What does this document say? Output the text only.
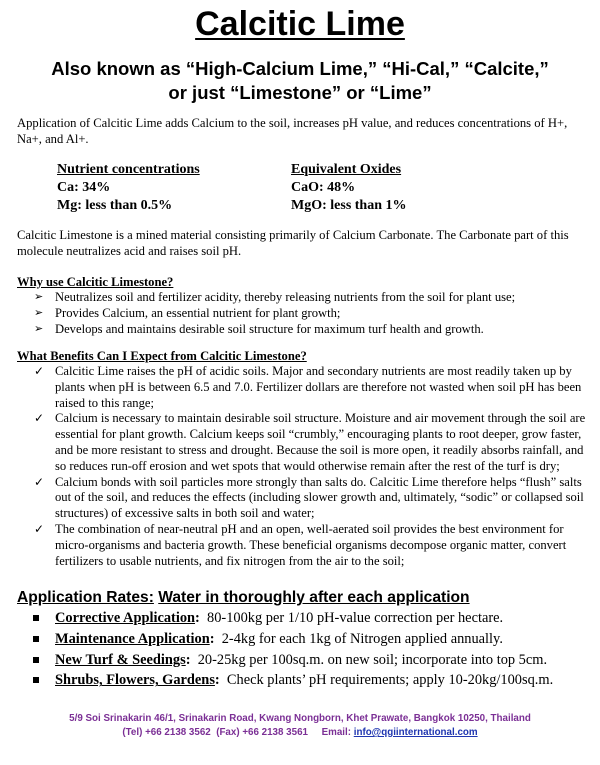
Calcitic Lime
Also known as “High-Calcium Lime,” “Hi-Cal,” “Calcite,”
or just “Limestone” or “Lime”
Application of Calcitic Lime adds Calcium to the soil, increases pH value, and reduces concentrations of H+, Na+, and Al+.
Nutrient concentrations
Ca: 34%
Mg: less than 0.5%
Equivalent Oxides
CaO: 48%
MgO: less than 1%
Calcitic Limestone is a mined material consisting primarily of Calcium Carbonate. The Carbonate part of this molecule neutralizes acid and raises soil pH.
Why use Calcitic Limestone?
➢ Neutralizes soil and fertilizer acidity, thereby releasing nutrients from the soil for plant use;
➢ Provides Calcium, an essential nutrient for plant growth;
➢ Develops and maintains desirable soil structure for maximum turf health and growth.
What Benefits Can I Expect from Calcitic Limestone?
✓ Calcitic Lime raises the pH of acidic soils. Major and secondary nutrients are most readily taken up by plants when pH is between 6.5 and 7.0. Fertilizer dollars are therefore not wasted when soil pH has been raised to this range;
✓ Calcium is necessary to maintain desirable soil structure. Moisture and air movement through the soil are essential for plant growth. Calcium keeps soil “crumbly,” encouraging plants to root deeper, grow faster, and be more resistant to stress and drought. Because the soil is more open, it readily absorbs rainfall, and so reduces run-off erosion and wet spots that would otherwise remain after the rest of the turf is dry;
✓ Calcium bonds with soil particles more strongly than salts do. Calcitic Lime therefore helps “flush” salts out of the soil, and reduces the effects (including slower growth and, ultimately, “sodic” or collapsed soil structures) of excessive salts in both soil and water;
✓ The combination of near-neutral pH and an open, well-aerated soil provides the best environment for micro-organisms and bacteria growth. These beneficial organisms decompose organic matter, convert fertilizers to usable nutrients, and fix nitrogen from the air to the soil;
Application Rates: Water in thoroughly after each application
Corrective Application: 80-100kg per 1/10 pH-value correction per hectare.
Maintenance Application: 2-4kg for each 1kg of Nitrogen applied annually.
New Turf & Seedings: 20-25kg per 100sq.m. on new soil; incorporate into top 5cm.
Shrubs, Flowers, Gardens: Check plants’ pH requirements; apply 10-20kg/100sq.m.
5/9 Soi Srinakarin 46/1, Srinakarin Road, Kwang Nongborn, Khet Prawate, Bangkok 10250, Thailand
(Tel) +66 2138 3562 (Fax) +66 2138 3561 Email: info@qgiinternational.com
